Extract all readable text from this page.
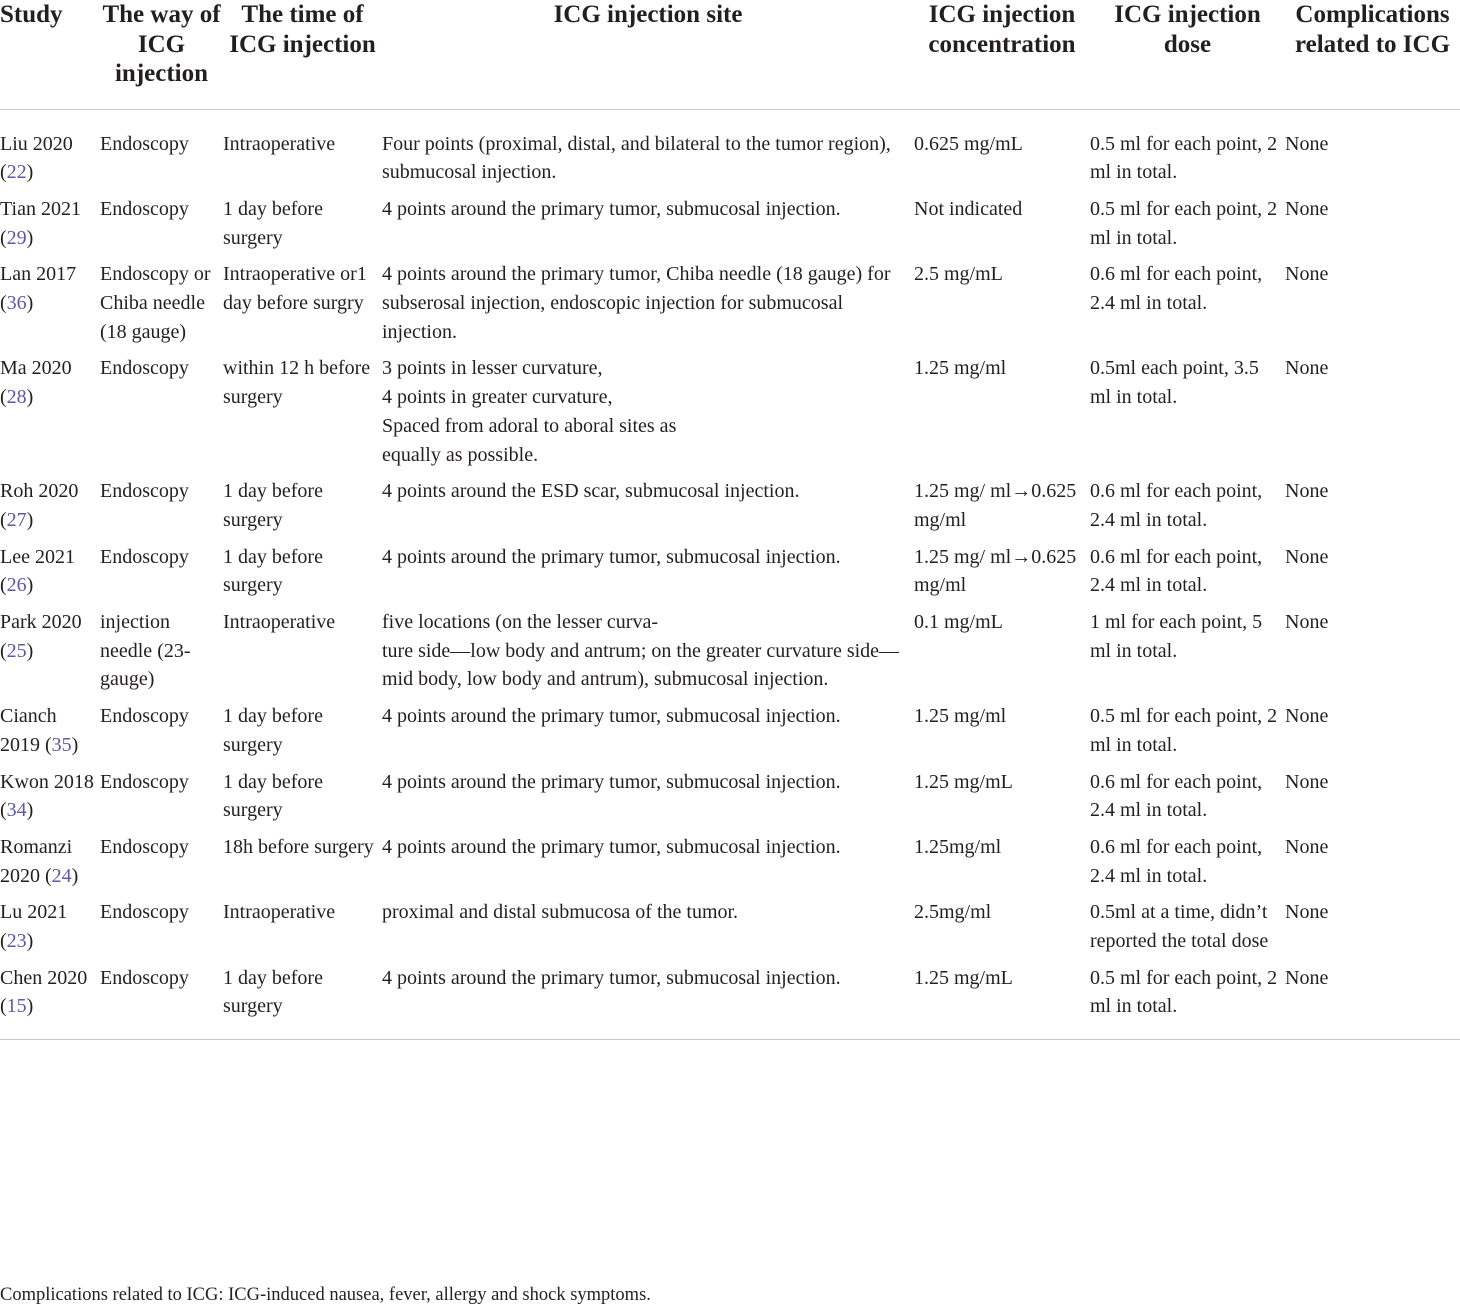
Study	The way of ICG injection	The time of ICG injection	ICG injection site	ICG injection concentration	ICG injection dose	Complications related to ICG
Liu 2020 (22)	Endoscopy	Intraoperative	Four points (proximal, distal, and bilateral to the tumor region), submucosal injection.	0.625 mg/mL	0.5 ml for each point, 2 ml in total.	None
Tian 2021 (29)	Endoscopy	1 day before surgery	4 points around the primary tumor, submucosal injection.	Not indicated	0.5 ml for each point, 2 ml in total.	None
Lan 2017 (36)	Endoscopy or Chiba needle (18 gauge)	Intraoperative or1 day before surgry	4 points around the primary tumor, Chiba needle (18 gauge) for subserosal injection, endoscopic injection for submucosal injection.	2.5 mg/mL	0.6 ml for each point, 2.4 ml in total.	None
Ma 2020 (28)	Endoscopy	within 12 h before surgery	3 points in lesser curvature,
4 points in greater curvature,
Spaced from adoral to aboral sites as
equally as possible.	1.25 mg/ml	0.5ml each point, 3.5 ml in total.	None
Roh 2020 (27)	Endoscopy	1 day before surgery	4 points around the ESD scar, submucosal injection.	1.25 mg/ ml→0.625 mg/ml	0.6 ml for each point, 2.4 ml in total.	None
Lee 2021 (26)	Endoscopy	1 day before surgery	4 points around the primary tumor, submucosal injection.	1.25 mg/ ml→0.625 mg/ml	0.6 ml for each point, 2.4 ml in total.	None
Park 2020 (25)	injection needle (23-gauge)	Intraoperative	five locations (on the lesser curva-
ture side—low body and antrum; on the greater curvature side—mid body, low body and antrum), submucosal injection.	0.1 mg/mL	1 ml for each point, 5 ml in total.	None
Cianch 2019 (35)	Endoscopy	1 day before surgery	4 points around the primary tumor, submucosal injection.	1.25 mg/ml	0.5 ml for each point, 2 ml in total.	None
Kwon 2018 (34)	Endoscopy	1 day before surgery	4 points around the primary tumor, submucosal injection.	1.25 mg/mL	0.6 ml for each point, 2.4 ml in total.	None
Romanzi 2020 (24)	Endoscopy	18h before surgery	4 points around the primary tumor, submucosal injection.	1.25mg/ml	0.6 ml for each point, 2.4 ml in total.	None
Lu 2021 (23)	Endoscopy	Intraoperative	proximal and distal submucosa of the tumor.	2.5mg/ml	0.5ml at a time, didn’t reported the total dose	None
Chen 2020 (15)	Endoscopy	1 day before surgery	4 points around the primary tumor, submucosal injection.	1.25 mg/mL	0.5 ml for each point, 2 ml in total.	None
Complications related to ICG: ICG-induced nausea, fever, allergy and shock symptoms.
